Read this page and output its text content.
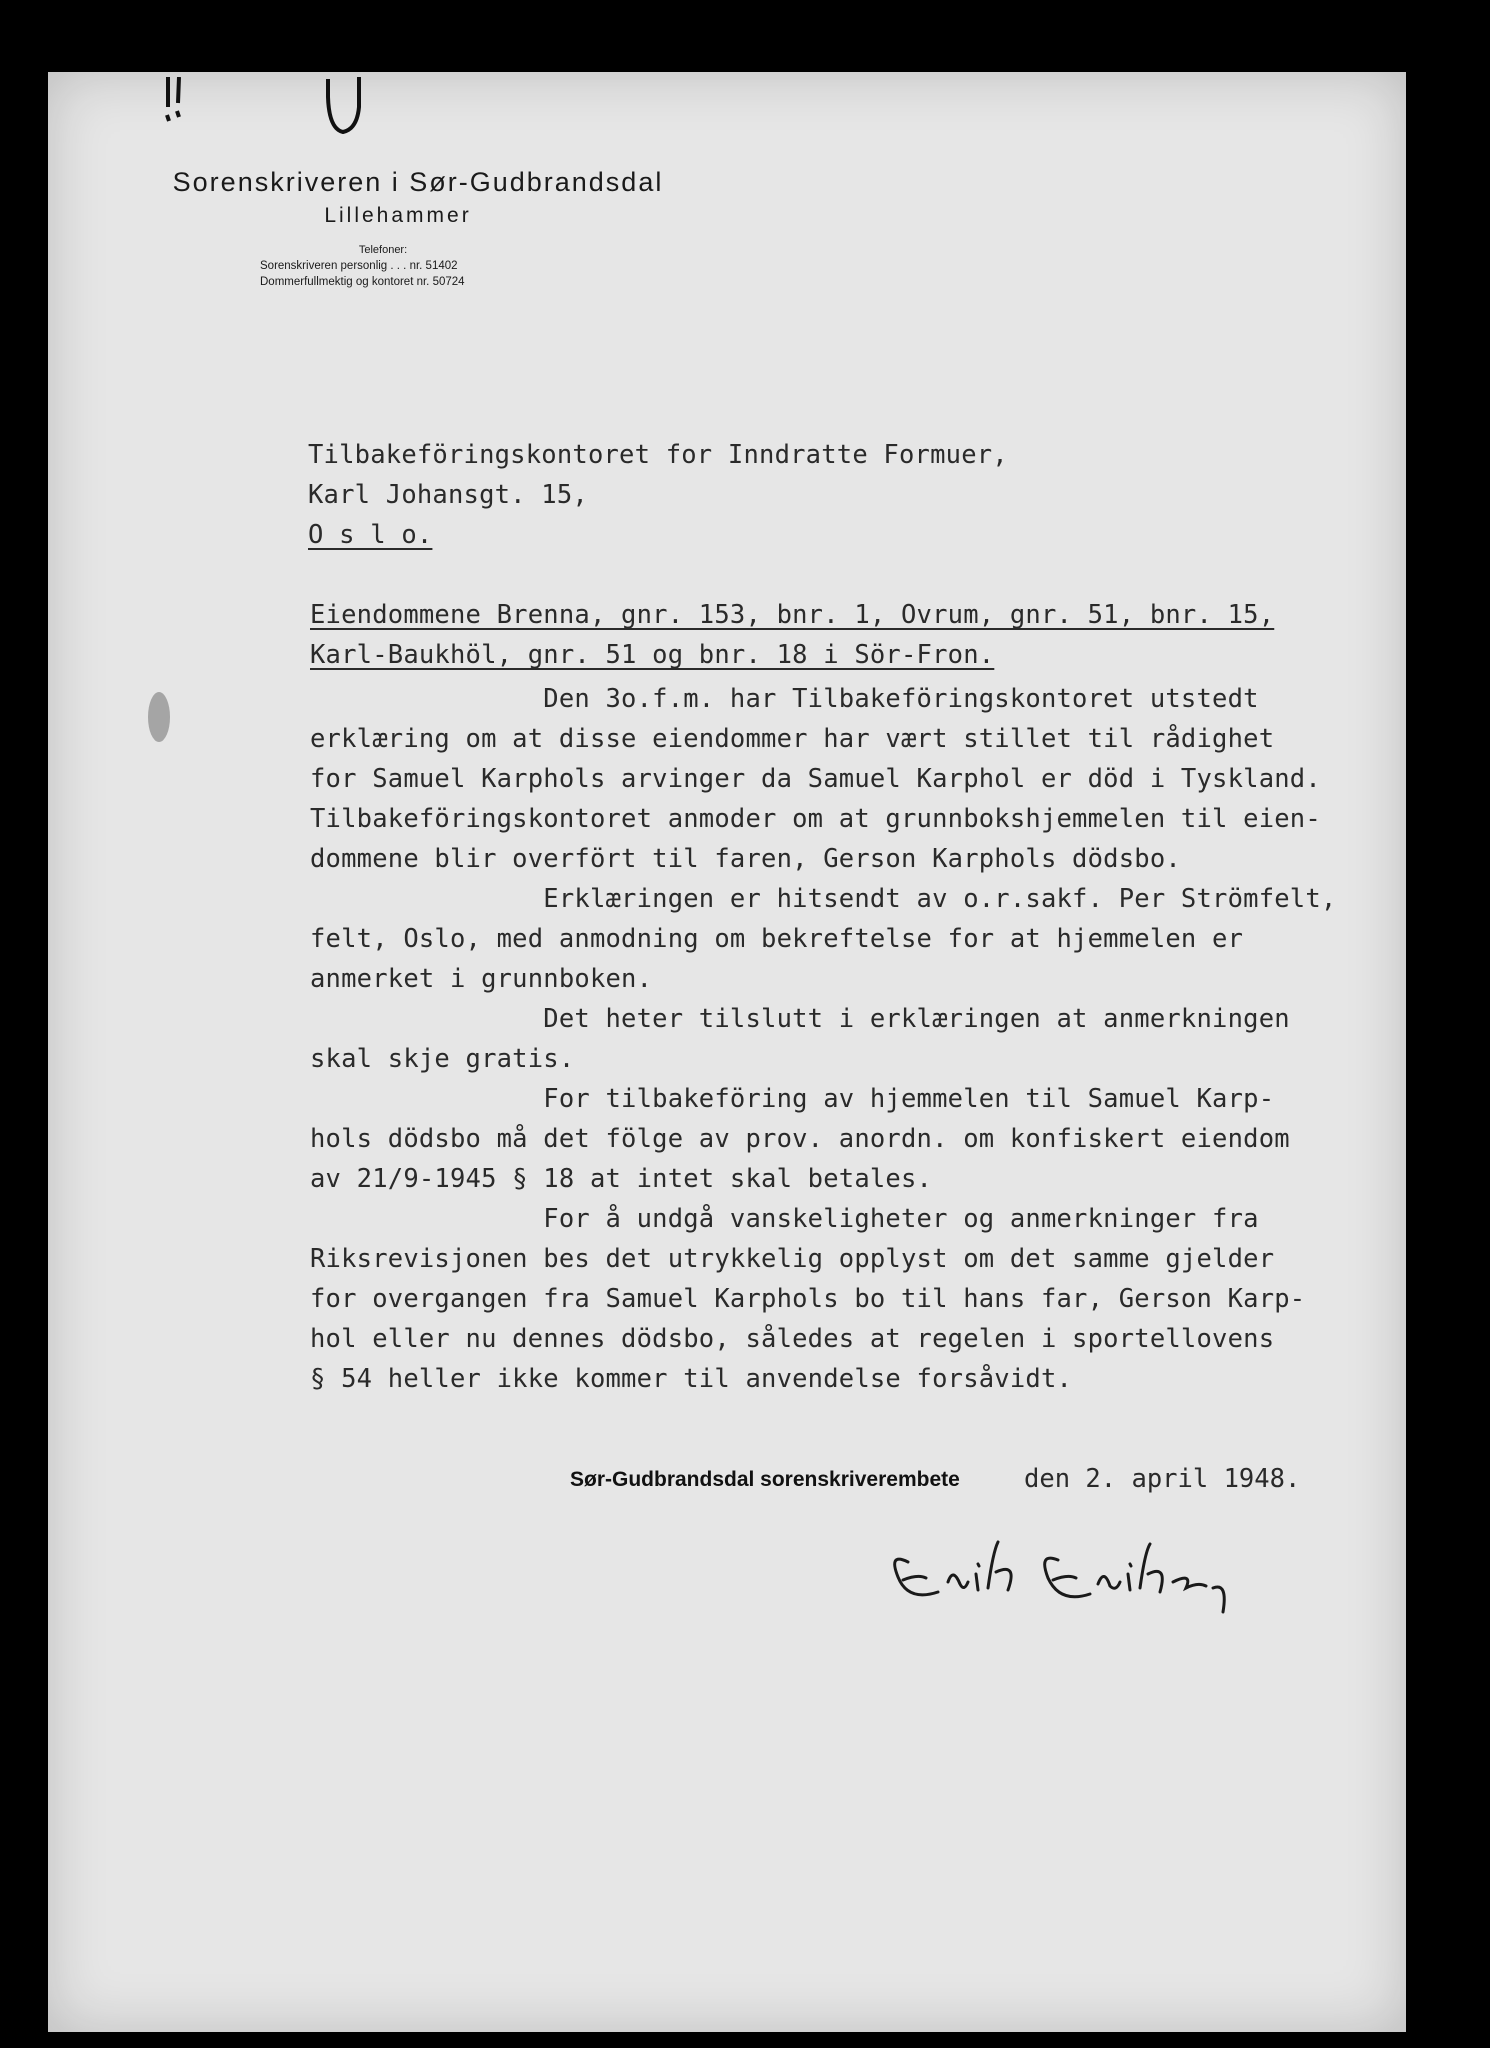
Sorenskriveren i Sør-Gudbrandsdal
Lillehammer
Telefoner:
Sorenskriveren personlig . . . nr. 51402
Dommerfullmektig og kontoret nr. 50724
Tilbakeföringskontoret for Inndratte Formuer,
Karl Johansgt. 15,
O s l o.
Eiendommene Brenna, gnr. 153, bnr. 1, Ovrum, gnr. 51, bnr. 15,
Karl-Baukhöl, gnr. 51 og bnr. 18 i Sör-Fron.
Den 3o.f.m. har Tilbakeföringskontoret utstedt
erklæring om at disse eiendommer har vært stillet til rådighet
for Samuel Karphols arvinger da Samuel Karphol er död i Tyskland.
Tilbakeföringskontoret anmoder om at grunnbokshjemmelen til eien-
dommene blir overfört til faren, Gerson Karphols dödsbo.
Erklæringen er hitsendt av o.r.sakf. Per Strömfelt,
felt, Oslo, med anmodning om bekreftelse for at hjemmelen er
anmerket i grunnboken.
Det heter tilslutt i erklæringen at anmerkningen
skal skje gratis.
For tilbakeföring av hjemmelen til Samuel Karp-
hols dödsbo må det fölge av prov. anordn. om konfiskert eiendom
av 21/9-1945 § 18 at intet skal betales.
For å undgå vanskeligheter og anmerkninger fra
Riksrevisjonen bes det utrykkelig opplyst om det samme gjelder
for overgangen fra Samuel Karphols bo til hans far, Gerson Karp-
hol eller nu dennes dödsbo, således at regelen i sportellovens
§ 54 heller ikke kommer til anvendelse forsåvidt.
Sør-Gudbrandsdal sorenskriverembete	den 2. april 1948.
